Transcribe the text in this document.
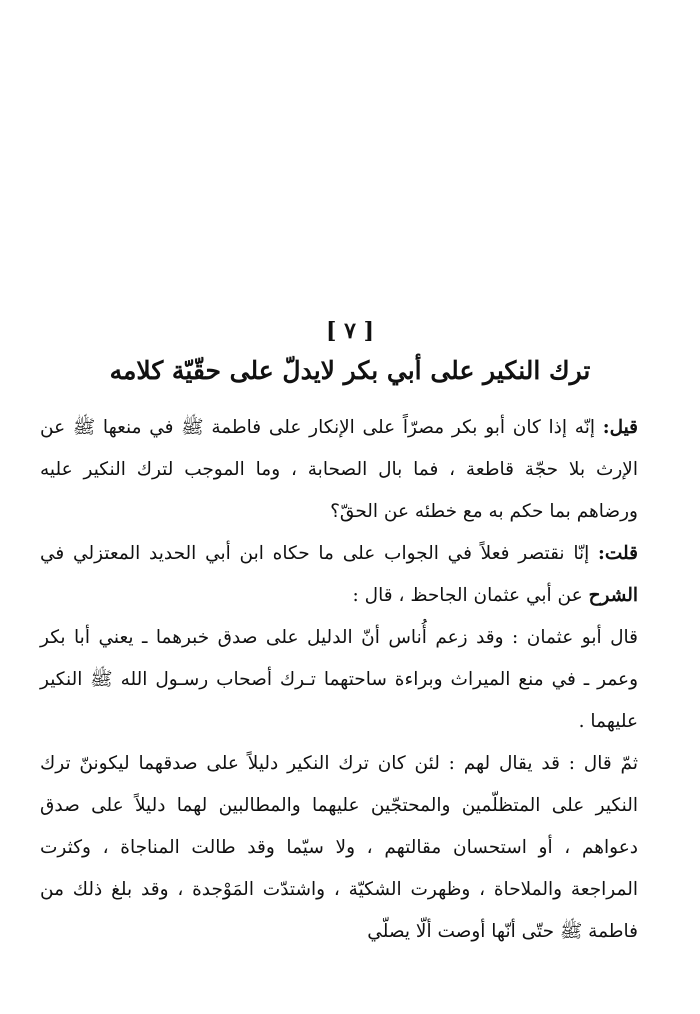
[ ٧ ]
ترك النكير على أبي بكر لايدلّ على حقّيّة كلامه

قيل: إنّه إذا كان أبو بكر مصرّاً على الإنكار على فاطمة ﷺ في منعها ﷺ عن الإرث بلا حجّة قاطعة ، فما بال الصحابة ، وما الموجب لترك النكير عليه ورضاهم بما حكم به مع خطئه عن الحقّ؟

قلت: إنّا نقتصر فعلاً في الجواب على ما حكاه ابن أبي الحديد المعتزلي في الشرح عن أبي عثمان الجاحظ ، قال :

قال أبو عثمان : وقد زعم أُناس أنّ الدليل على صدق خبرهما ـ يعني أبا بكر وعمر ـ في منع الميراث وبراءة ساحتهما تـرك أصحاب رسـول الله ﷺ النكير عليهما .

ثمّ قال : قد يقال لهم : لئن كان ترك النكير دليلاً على صدقهما ليكوننّ ترك النكير على المتظلّمين والمحتجّين عليهما والمطالبين لهما دليلاً على صدق دعواهم ، أو استحسان مقالتهم ، ولا سيّما وقد طالت المناجاة ، وكثرت المراجعة والملاحاة ، وظهرت الشكيّة ، واشتدّت المَوْجدة ، وقد بلغ ذلك من فاطمة ﷺ حتّى أنّها أوصت ألّا يصلّي
